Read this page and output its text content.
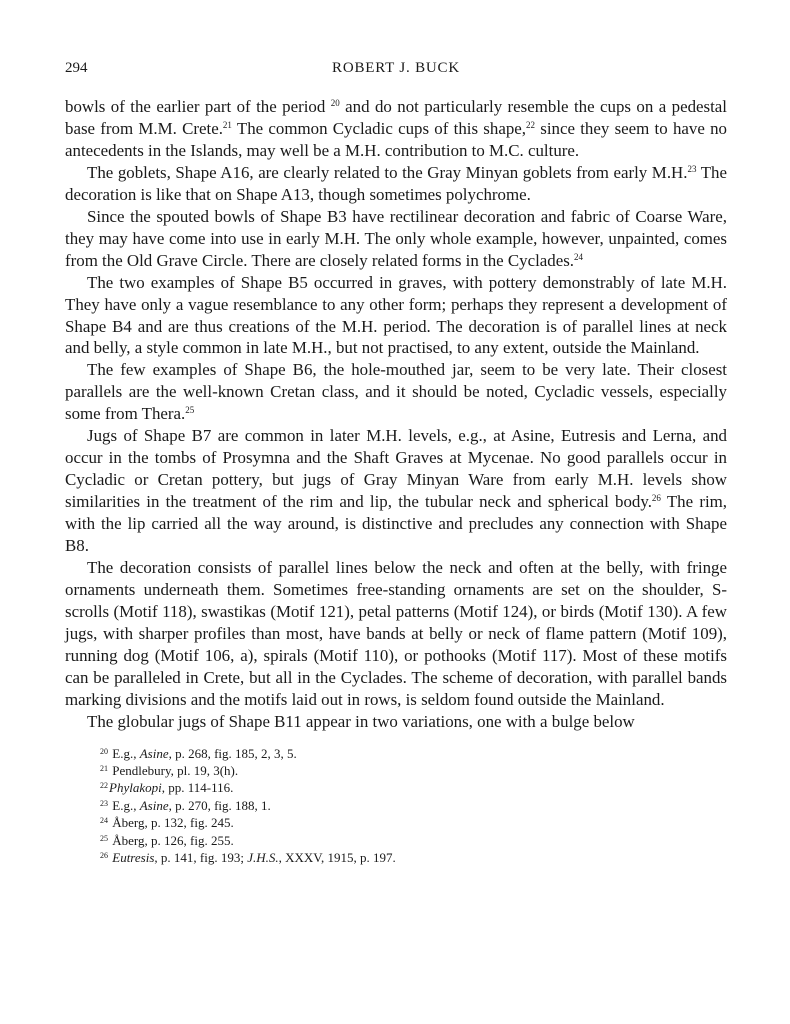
294	ROBERT J. BUCK

bowls of the earlier part of the period $^{20}$ and do not particularly resemble the cups on a pedestal base from M.M. Crete.$^{21}$ The common Cycladic cups of this shape,$^{22}$ since they seem to have no antecedents in the Islands, may well be a M.H. contribution to M.C. culture.

The goblets, Shape A16, are clearly related to the Gray Minyan goblets from early M.H.$^{23}$ The decoration is like that on Shape A13, though sometimes polychrome.

Since the spouted bowls of Shape B3 have rectilinear decoration and fabric of Coarse Ware, they may have come into use in early M.H. The only whole example, however, unpainted, comes from the Old Grave Circle. There are closely related forms in the Cyclades.$^{24}$

The two examples of Shape B5 occurred in graves, with pottery demonstrably of late M.H. They have only a vague resemblance to any other form; perhaps they represent a development of Shape B4 and are thus creations of the M.H. period. The decoration is of parallel lines at neck and belly, a style common in late M.H., but not practised, to any extent, outside the Mainland.

The few examples of Shape B6, the hole-mouthed jar, seem to be very late. Their closest parallels are the well-known Cretan class, and it should be noted, Cycladic vessels, especially some from Thera.$^{25}$

Jugs of Shape B7 are common in later M.H. levels, e.g., at Asine, Eutresis and Lerna, and occur in the tombs of Prosymna and the Shaft Graves at Mycenae. No good parallels occur in Cycladic or Cretan pottery, but jugs of Gray Minyan Ware from early M.H. levels show similarities in the treatment of the rim and lip, the tubular neck and spherical body.$^{26}$ The rim, with the lip carried all the way around, is distinctive and precludes any connection with Shape B8.

The decoration consists of parallel lines below the neck and often at the belly, with fringe ornaments underneath them. Sometimes free-standing ornaments are set on the shoulder, S-scrolls (Motif 118), swastikas (Motif 121), petal patterns (Motif 124), or birds (Motif 130). A few jugs, with sharper profiles than most, have bands at belly or neck of flame pattern (Motif 109), running dog (Motif 106, a), spirals (Motif 110), or pothooks (Motif 117). Most of these motifs can be paralleled in Crete, but all in the Cyclades. The scheme of decoration, with parallel bands marking divisions and the motifs laid out in rows, is seldom found outside the Mainland.

The globular jugs of Shape B11 appear in two variations, one with a bulge below

$^{20}$ E.g., Asine, p. 268, fig. 185, 2, 3, 5.
$^{21}$ Pendlebury, pl. 19, 3(h).
$^{22}$Phylakopi, pp. 114-116.
$^{23}$ E.g., Asine, p. 270, fig. 188, 1.
$^{24}$ Åberg, p. 132, fig. 245.
$^{25}$ Åberg, p. 126, fig. 255.
$^{26}$ Eutresis, p. 141, fig. 193; J.H.S., XXXV, 1915, p. 197.
